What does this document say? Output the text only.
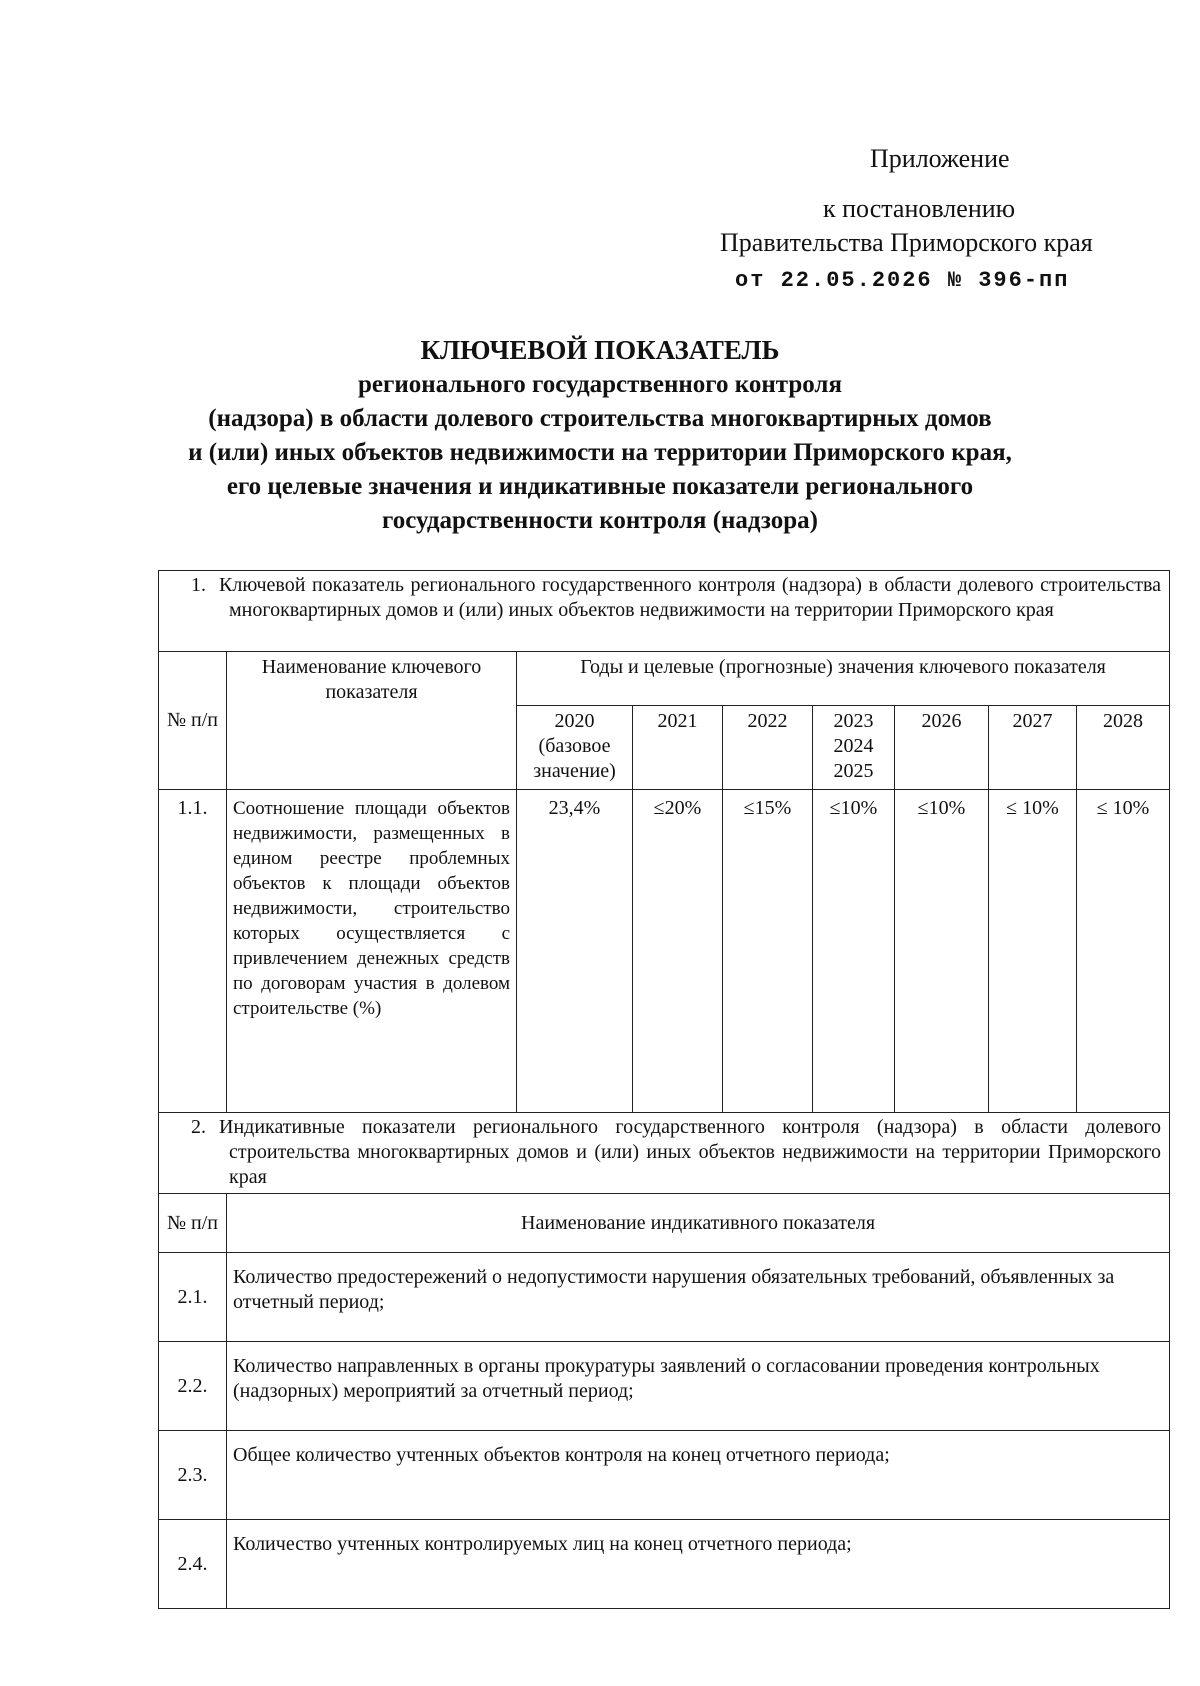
Приложение
к постановлению
Правительства Приморского края
от 22.05.2026 № 396-пп
КЛЮЧЕВОЙ ПОКАЗАТЕЛЬ
регионального государственного контроля
(надзора) в области долевого строительства многоквартирных домов
и (или) иных объектов недвижимости на территории Приморского края,
его целевые значения и индикативные показатели регионального
государственности контроля (надзора)
1. Ключевой показатель регионального государственного контроля (надзора) в области долевого строительства многоквартирных домов и (или) иных объектов недвижимости на территории Приморского края								
№ п/п	Наименование ключевого показателя	Годы и целевые (прогнозные) значения ключевого показателя						
		2020 (базовое значение)	2021	2022	2023 2024 2025	2026	2027	2028
1.1.	Соотношение площади объектов недвижимости, размещенных в едином реестре проблемных объектов к площади объектов недвижимости, строительство которых осуществляется с привлечением денежных средств по договорам участия в долевом строительстве (%)	23,4%	≤20%	≤15%	≤10%	≤10%	≤ 10%	≤ 10%
2. Индикативные показатели регионального государственного контроля (надзора) в области долевого строительства многоквартирных домов и (или) иных объектов недвижимости на территории Приморского края								
№ п/п	Наименование индикативного показателя							
2.1.	Количество предостережений о недопустимости нарушения обязательных требований, объявленных за отчетный период;							
2.2.	Количество направленных в органы прокуратуры заявлений о согласовании проведения контрольных (надзорных) мероприятий за отчетный период;							
2.3.	Общее количество учтенных объектов контроля на конец отчетного периода;							
2.4.	Количество учтенных контролируемых лиц на конец отчетного периода;							
